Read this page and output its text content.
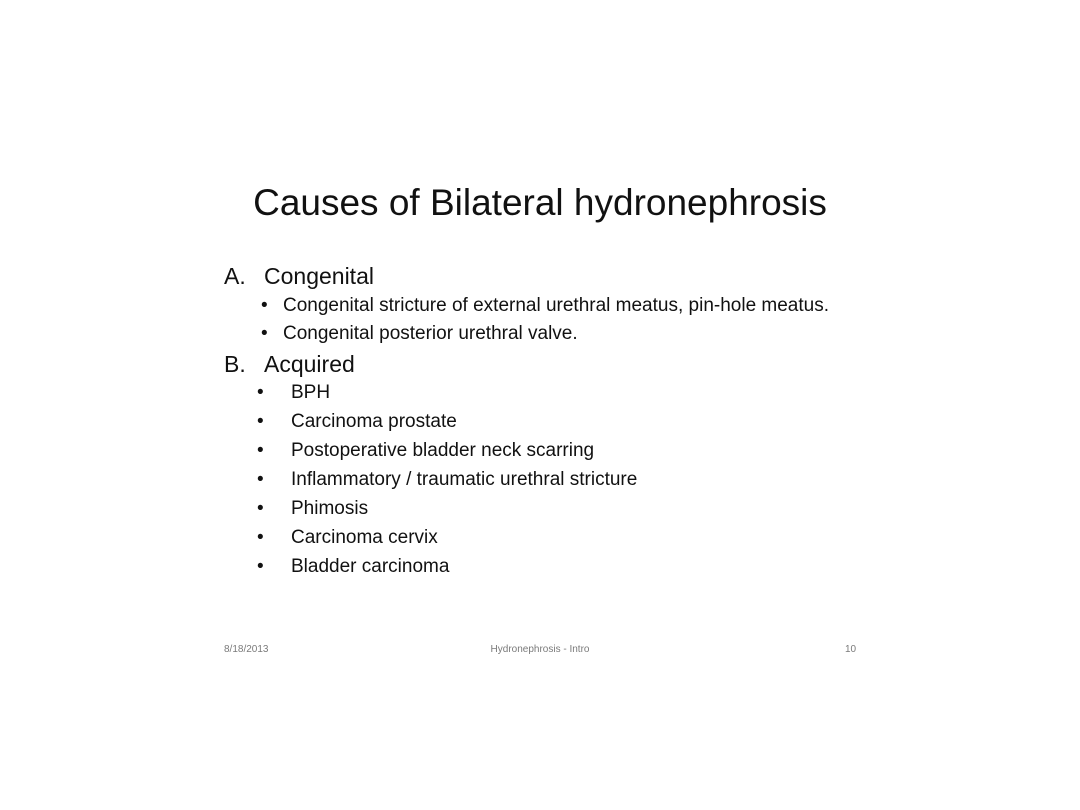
Causes of Bilateral hydronephrosis
A. Congenital
• Congenital stricture of external urethral meatus, pin-hole meatus.
• Congenital posterior urethral valve.
B. Acquired
• BPH
• Carcinoma prostate
• Postoperative bladder neck scarring
• Inflammatory / traumatic urethral stricture
• Phimosis
• Carcinoma cervix
• Bladder carcinoma
8/18/2013	Hydronephrosis - Intro	10
